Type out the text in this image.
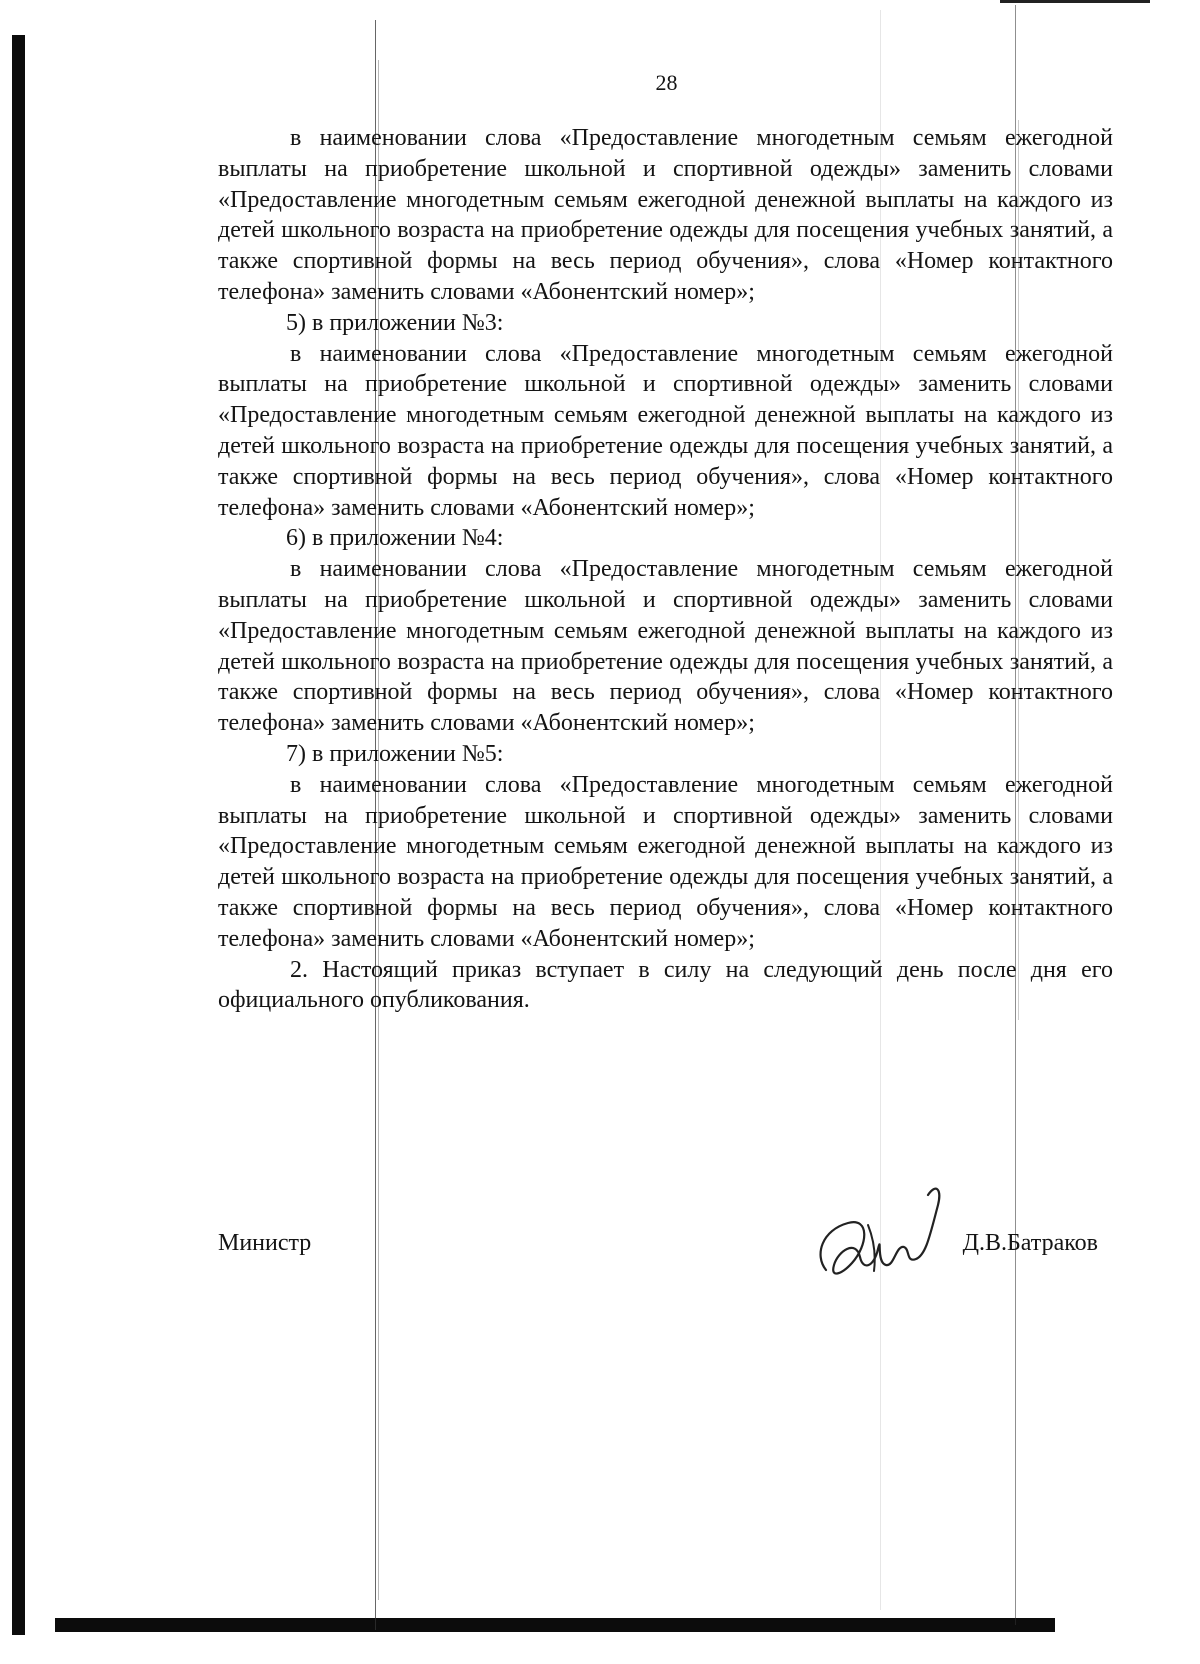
28

в наименовании слова «Предоставление многодетным семьям ежегодной выплаты на приобретение школьной и спортивной одежды» заменить словами «Предоставление многодетным семьям ежегодной денежной выплаты на каждого из детей школьного возраста на приобретение одежды для посещения учебных занятий, а также спортивной формы на весь период обучения», слова «Номер контактного телефона» заменить словами «Абонентский номер»;

5) в приложении №3:

в наименовании слова «Предоставление многодетным семьям ежегодной выплаты на приобретение школьной и спортивной одежды» заменить словами «Предоставление многодетным семьям ежегодной денежной выплаты на каждого из детей школьного возраста на приобретение одежды для посещения учебных занятий, а также спортивной формы на весь период обучения», слова «Номер контактного телефона» заменить словами «Абонентский номер»;

6) в приложении №4:

в наименовании слова «Предоставление многодетным семьям ежегодной выплаты на приобретение школьной и спортивной одежды» заменить словами «Предоставление многодетным семьям ежегодной денежной выплаты на каждого из детей школьного возраста на приобретение одежды для посещения учебных занятий, а также спортивной формы на весь период обучения», слова «Номер контактного телефона» заменить словами «Абонентский номер»;

7) в приложении №5:

в наименовании слова «Предоставление многодетным семьям ежегодной выплаты на приобретение школьной и спортивной одежды» заменить словами «Предоставление многодетным семьям ежегодной денежной выплаты на каждого из детей школьного возраста на приобретение одежды для посещения учебных занятий, а также спортивной формы на весь период обучения», слова «Номер контактного телефона» заменить словами «Абонентский номер»;

2. Настоящий приказ вступает в силу на следующий день после дня его официального опубликования.

Министр	Д.В.Батраков
